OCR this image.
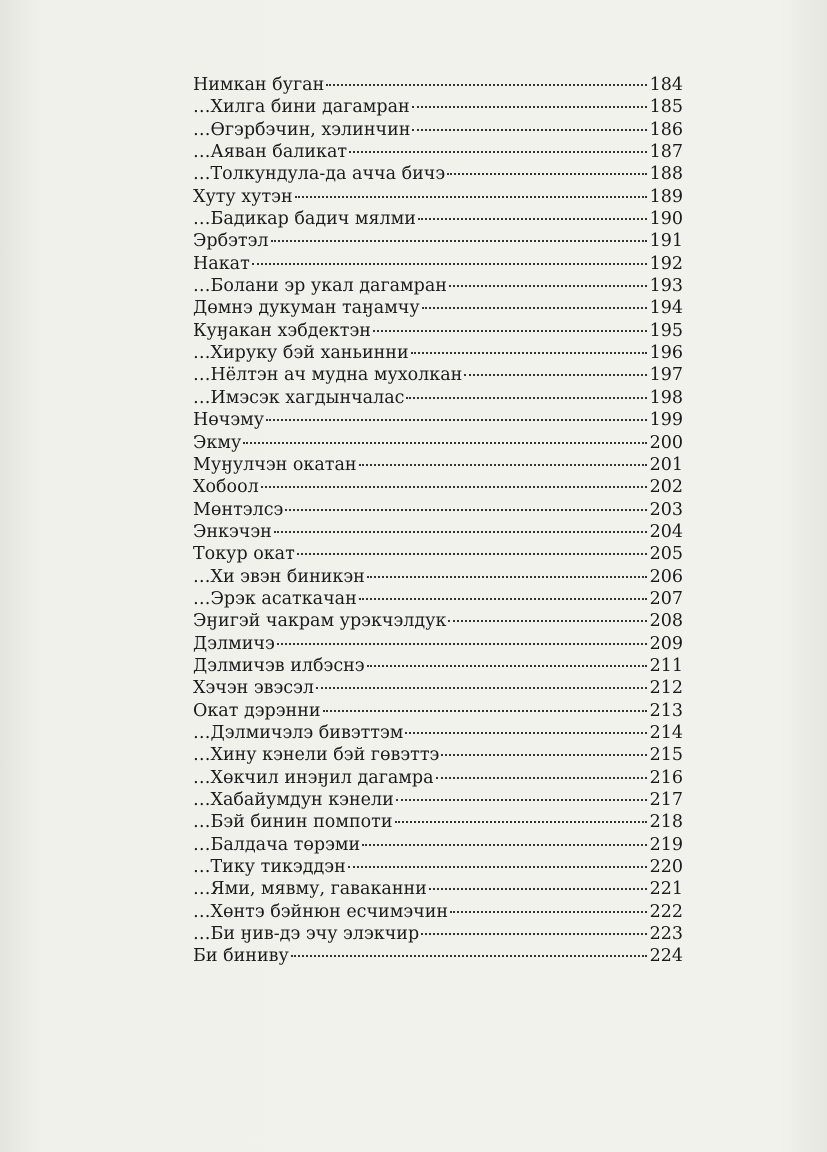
Нимкан буган	184
…Хилга бини дагамран	185
…Өгэрбэчин, хэлинчин	186
…Аяван баликат	187
…Толкундула-да ачча бичэ	188
Хуту хутэн	189
…Бадикар бадич мялми	190
Эрбэтэл	191
Накат	192
…Болани эр укал дагамран	193
Дөмнэ дукуман таӈамчу	194
Куӈакан хэбдектэн	195
…Хируку бэй ханьинни	196
…Нёлтэн ач мудна мухолкан	197
…Имэсэк хагдынчалас	198
Нөчэму	199
Экму	200
Муӈулчэн окатан	201
Хобоол	202
Мөнтэлсэ	203
Энкэчэн	204
Токур окат	205
…Хи эвэн биникэн	206
…Эрэк асаткачан	207
Эӈигэй чакрам урэкчэлдук	208
Дэлмичэ	209
Дэлмичэв илбэснэ	211
Хэчэн эвэсэл	212
Окат дэрэнни	213
…Дэлмичэлэ бивэттэм	214
…Хину кэнели бэй гөвэттэ	215
…Хөкчил инэӈил дагамра	216
…Хабайумдун кэнели	217
…Бэй бинин помпоти	218
…Балдача төрэми	219
…Тику тикэддэн	220
…Ями, мявму, гаваканни	221
…Хөнтэ бэйнюн есчимэчин	222
…Би ӈив-дэ эчу элэкчир	223
Би биниву	224
